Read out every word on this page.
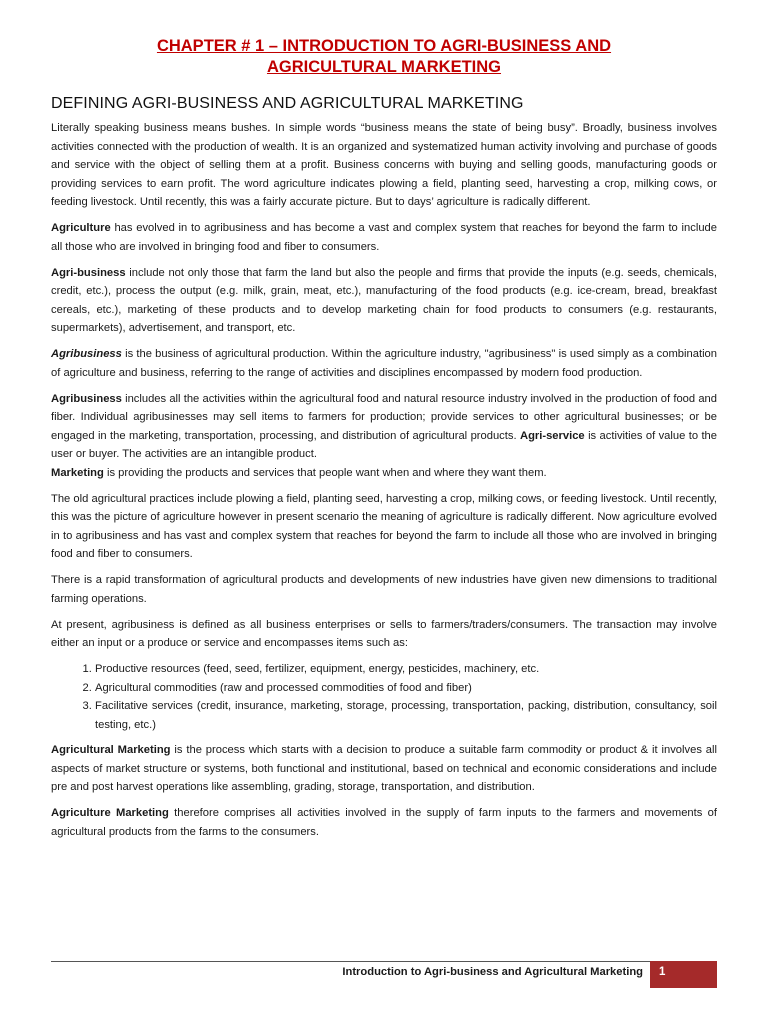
CHAPTER # 1 – INTRODUCTION TO AGRI-BUSINESS AND
AGRICULTURAL MARKETING
DEFINING AGRI-BUSINESS AND AGRICULTURAL MARKETING

Literally speaking business means bushes. In simple words “business means the state of being busy”. Broadly, business involves activities connected with the production of wealth. It is an organized and systematized human activity involving and purchase of goods and service with the object of selling them at a profit. Business concerns with buying and selling goods, manufacturing goods or providing services to earn profit. The word agriculture indicates plowing a field, planting seed, harvesting a crop, milking cows, or feeding livestock. Until recently, this was a fairly accurate picture. But to days’ agriculture is radically different.

Agriculture has evolved in to agribusiness and has become a vast and complex system that reaches for beyond the farm to include all those who are involved in bringing food and fiber to consumers.

Agri-business include not only those that farm the land but also the people and firms that provide the inputs (e.g. seeds, chemicals, credit, etc.), process the output (e.g. milk, grain, meat, etc.), manufacturing of the food products (e.g. ice-cream, bread, breakfast cereals, etc.), marketing of these products and to develop marketing chain for food products to consumers (e.g. restaurants, supermarkets), advertisement, and transport, etc.

Agribusiness is the business of agricultural production. Within the agriculture industry, "agribusiness" is used simply as a combination of agriculture and business, referring to the range of activities and disciplines encompassed by modern food production.

Agribusiness includes all the activities within the agricultural food and natural resource industry involved in the production of food and fiber. Individual agribusinesses may sell items to farmers for production; provide services to other agricultural businesses; or be engaged in the marketing, transportation, processing, and distribution of agricultural products. Agri-service is activities of value to the user or buyer. The activities are an intangible product.
Marketing is providing the products and services that people want when and where they want them.

The old agricultural practices include plowing a field, planting seed, harvesting a crop, milking cows, or feeding livestock. Until recently, this was the picture of agriculture however in present scenario the meaning of agriculture is radically different. Now agriculture evolved in to agribusiness and has vast and complex system that reaches for beyond the farm to include all those who are involved in bringing food and fiber to consumers.

There is a rapid transformation of agricultural products and developments of new industries have given new dimensions to traditional farming operations.

At present, agribusiness is defined as all business enterprises or sells to farmers/traders/consumers. The transaction may involve either an input or a produce or service and encompasses items such as:

1. Productive resources (feed, seed, fertilizer, equipment, energy, pesticides, machinery, etc.
2. Agricultural commodities (raw and processed commodities of food and fiber)
3. Facilitative services (credit, insurance, marketing, storage, processing, transportation, packing, distribution, consultancy, soil testing, etc.)

Agricultural Marketing is the process which starts with a decision to produce a suitable farm commodity or product & it involves all aspects of market structure or systems, both functional and institutional, based on technical and economic considerations and include pre and post harvest operations like assembling, grading, storage, transportation, and distribution.

Agriculture Marketing therefore comprises all activities involved in the supply of farm inputs to the farmers and movements of agricultural products from the farms to the consumers.

Introduction to Agri-business and Agricultural Marketing	1
